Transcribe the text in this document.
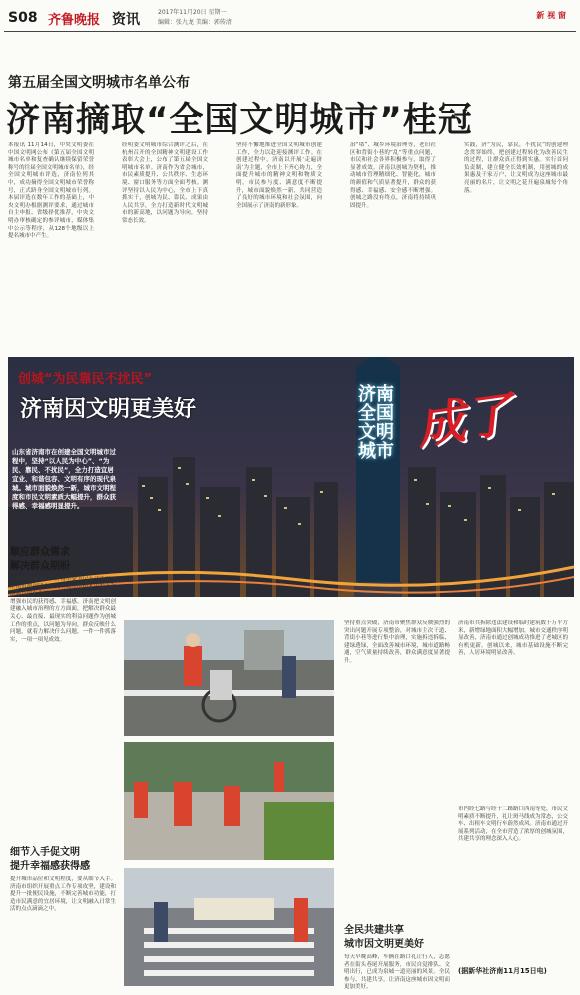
S08 齐鲁晚报 资讯	2017年11月20日 星期一
编辑：张九龙 美编：郭传清
新 视 窗
第五届全国文明城市名单公布
济南摘取“全国文明城市”桂冠
本报讯 11月14日，中央文明委在中国文明网公布《第五届全国文明城市名单和复查确认继续保留荣誉称号的往届全国文明城市名单》，经全国文明城市评选，济南位列其中，成功摘得全国文明城市荣誉称号，正式跻身全国文明城市行列。本届评选在数年工作的基础上，中央文明办根据测评要求，通过城市自主申报、省级择优推荐，中央文明办审核确定的参评城市，媒体集中公示等程序，从128个地级以上提名城市中产生。
经明委文明城市综合测评之后，在杭州召开的全国精神文明建设工作表彰大会上，公布了第五届全国文明城市名单。济南作为省会城市，市民素质提升、公共秩序、生态环境、窗口服务等方面全面考核。测评坚持以人民为中心，全市上下真抓实干，创城为民、靠民、成果由人民共享，全力打造新时代文明城市的新高地，以问题为导向，坚持常态长效。
坚持不懈地推进全国文明城市创建工作，全力以赴迎接测评工作。在创建过程中，济南以开展‘走遍济南’为主题，全市上下齐心协力，全面提升城市的精神文明和物质文明。市民参与度、满意度不断提升，城市面貌焕然一新，共同营造了良好的城市环境和社会氛围，向全国展示了济南的新形象。
治“堵”、城乡环境治理等，老旧社区和背街小巷的“乱”等重点问题，市民和社会各界积极参与，取得了显著成效。济南以创城为契机，推动城市管理精细化、智能化，城市的颜值和气质显著提升，群众的获得感、幸福感、安全感不断增强。创城之路没有终点，济南将持续巩固提升。
实践，济“为民，靠民，不扰民”的创建理念贯穿始终，把创建过程转化为改善民生的过程，让群众真正得到实惠。实行首问负责制，建立健全长效机制，用创城的成果惠及千家万户，让文明成为这座城市最亮丽的名片，让文明之花开遍泉城每个角落。
济南 全国文明城市
创城“为民靠民不扰民”
济南因文明更美好
山东省济南市在创建全国文明城市过程中，坚持“以人民为中心”、“为民、靠民、不扰民”，全力打造宜居宜业、和谐包容、文明有序的现代泉城。城市面貌焕然一新，城市文明程度和市民文明素质大幅提升，群众获得感、幸福感明显提升。
成了
顺应群众需求
解决群众期盼
山东省委副书记、济南市委书记王文涛说，济南市把创建全国文明城市的根本出发点和落脚点放在为民，坚持人民在创建中受益，增强市民的获得感、幸福感。济南把文明创建融入城市治理的方方面面，把解决群众最关心、最直接、最现实的利益问题作为创城工作的重点，以问题为导向，群众反映什么问题，就着力解决什么问题，一件一件抓落实，一项一项见成效。
细节入手促文明
提升幸福感获得感
提升城市品位和文明程度，要从细节入手。济南市组织开展重点工作专项攻坚，建设和提升一批便民设施，不断完善城市功能，打造市民满意的宜居环境，让文明融入日常生活的点点滴滴之中。
坚持重点突破，济南市聚焦群众反映强烈的突出问题开展专项整治，对城市主次干道、背街小巷等进行集中治理，实施拆违拆临、建绿透绿，全面改善城市环境，城市道路畅通，空气质量持续改善，群众满意度显著提升。
全民共建共享
城市因文明更美好
每天早晚高峰，车辆在路口礼让行人，志愿者在街头巷尾开展服务，市民自觉排队、文明出行，已成为泉城一道亮丽的风景。全民参与、共建共享，让济南这座城市因文明而更加美好。
济南市共拆除违法建设和临时建筑数千万平方米，新增绿地面积大幅增加，城市交通秩序明显改善，济南市通过创城成功推进了老城区的有机更新。创城以来，城市基础设施不断完善，人居环境明显改善。
市内经七路与经十二路路口西南等处，市民文明素质不断提升，礼让斑马线成为常态，公交车、出租车文明行车蔚然成风。济南市通过开展系列活动，在全市营造了浓厚的创城氛围，共建共享的理念深入人心。
(据新华社济南11月15日电)
